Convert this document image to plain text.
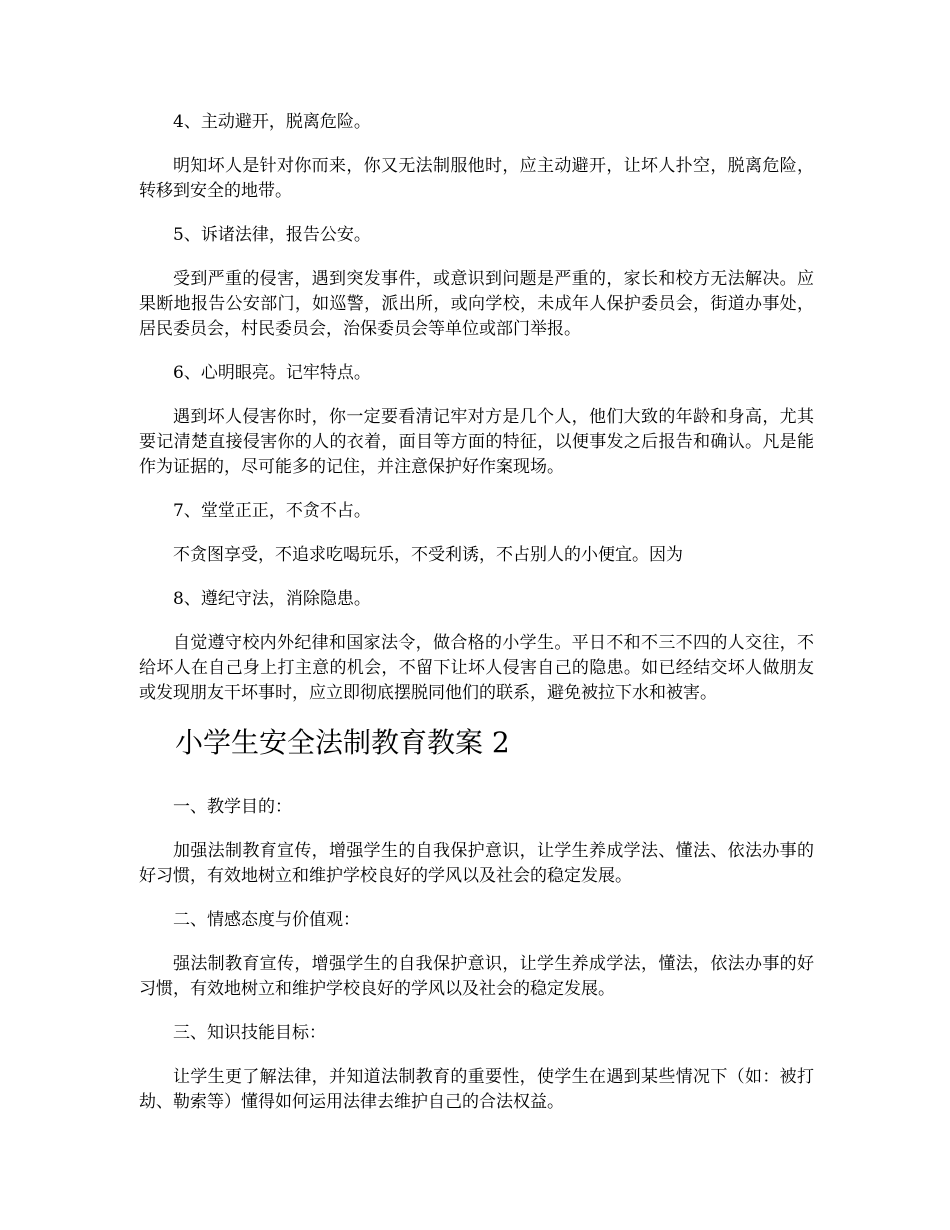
4、主动避开，脱离危险。
明知坏人是针对你而来，你又无法制服他时，应主动避开，让坏人扑空，脱离危险，转移到安全的地带。
5、诉诸法律，报告公安。
受到严重的侵害，遇到突发事件，或意识到问题是严重的，家长和校方无法解决。应果断地报告公安部门，如巡警，派出所，或向学校，未成年人保护委员会，街道办事处，居民委员会，村民委员会，治保委员会等单位或部门举报。
6、心明眼亮。记牢特点。
遇到坏人侵害你时，你一定要看清记牢对方是几个人，他们大致的年龄和身高，尤其要记清楚直接侵害你的人的衣着，面目等方面的特征，以便事发之后报告和确认。凡是能作为证据的，尽可能多的记住，并注意保护好作案现场。
7、堂堂正正，不贪不占。
不贪图享受，不追求吃喝玩乐，不受利诱，不占别人的小便宜。因为
8、遵纪守法，消除隐患。
自觉遵守校内外纪律和国家法令，做合格的小学生。平日不和不三不四的人交往，不给坏人在自己身上打主意的机会，不留下让坏人侵害自己的隐患。如已经结交坏人做朋友或发现朋友干坏事时，应立即彻底摆脱同他们的联系，避免被拉下水和被害。
小学生安全法制教育教案 2
一、教学目的：
加强法制教育宣传，增强学生的自我保护意识，让学生养成学法、懂法、依法办事的好习惯，有效地树立和维护学校良好的学风以及社会的稳定发展。
二、情感态度与价值观：
强法制教育宣传，增强学生的自我保护意识，让学生养成学法，懂法，依法办事的好习惯，有效地树立和维护学校良好的学风以及社会的稳定发展。
三、知识技能目标：
让学生更了解法律，并知道法制教育的重要性，使学生在遇到某些情况下（如：被打劫、勒索等）懂得如何运用法律去维护自己的合法权益。
